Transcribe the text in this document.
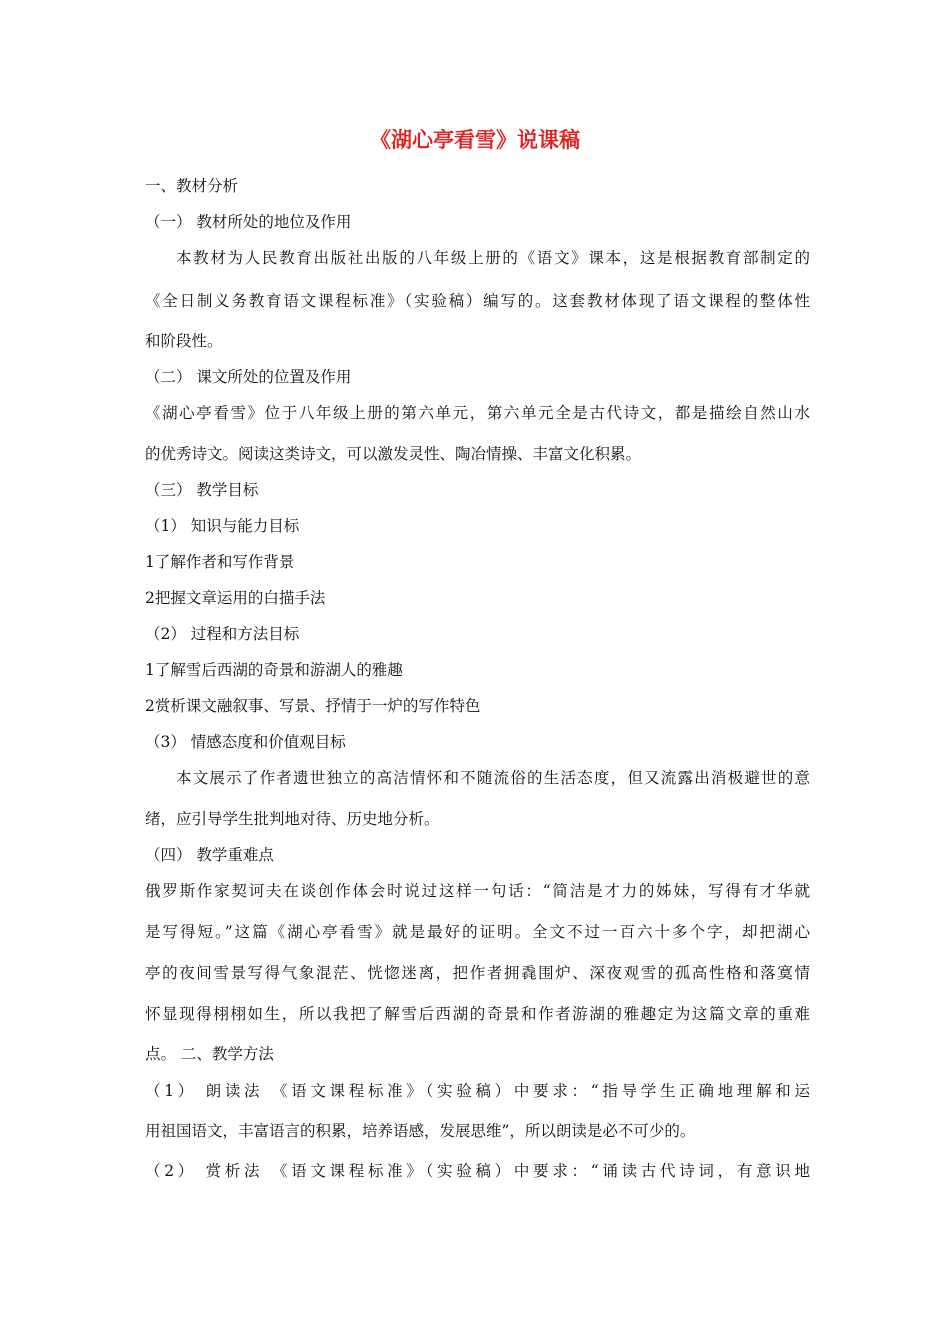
《湖心亭看雪》说课稿
一、教材分析
（一） 教材所处的地位及作用
本教材为人民教育出版社出版的八年级上册的《语文》课本，这是根据教育部制定的
《全日制义务教育语文课程标准》（实验稿）编写的。这套教材体现了语文课程的整体性
和阶段性。
（二） 课文所处的位置及作用
《湖心亭看雪》位于八年级上册的第六单元，第六单元全是古代诗文，都是描绘自然山水
的优秀诗文。阅读这类诗文，可以激发灵性、陶冶情操、丰富文化积累。
（三） 教学目标
（1） 知识与能力目标
1了解作者和写作背景
2把握文章运用的白描手法
（2） 过程和方法目标
1了解雪后西湖的奇景和游湖人的雅趣
2赏析课文融叙事、写景、抒情于一炉的写作特色
（3） 情感态度和价值观目标
本文展示了作者遗世独立的高洁情怀和不随流俗的生活态度，但又流露出消极避世的意
绪，应引导学生批判地对待、历史地分析。
（四） 教学重难点
俄罗斯作家契诃夫在谈创作体会时说过这样一句话：“简洁是才力的姊妹，写得有才华就
是写得短。”这篇《湖心亭看雪》就是最好的证明。全文不过一百六十多个字，却把湖心
亭的夜间雪景写得气象混茫、恍惚迷离，把作者拥毳围炉、深夜观雪的孤高性格和落寞情
怀显现得栩栩如生，所以我把了解雪后西湖的奇景和作者游湖的雅趣定为这篇文章的重难
点。 二、教学方法
（1） 朗读法 《语文课程标准》（实验稿）中要求：“指导学生正确地理解和运
用祖国语文，丰富语言的积累，培养语感，发展思维”，所以朗读是必不可少的。
（2） 赏析法 《语文课程标准》（实验稿）中要求：“诵读古代诗词，有意识地
